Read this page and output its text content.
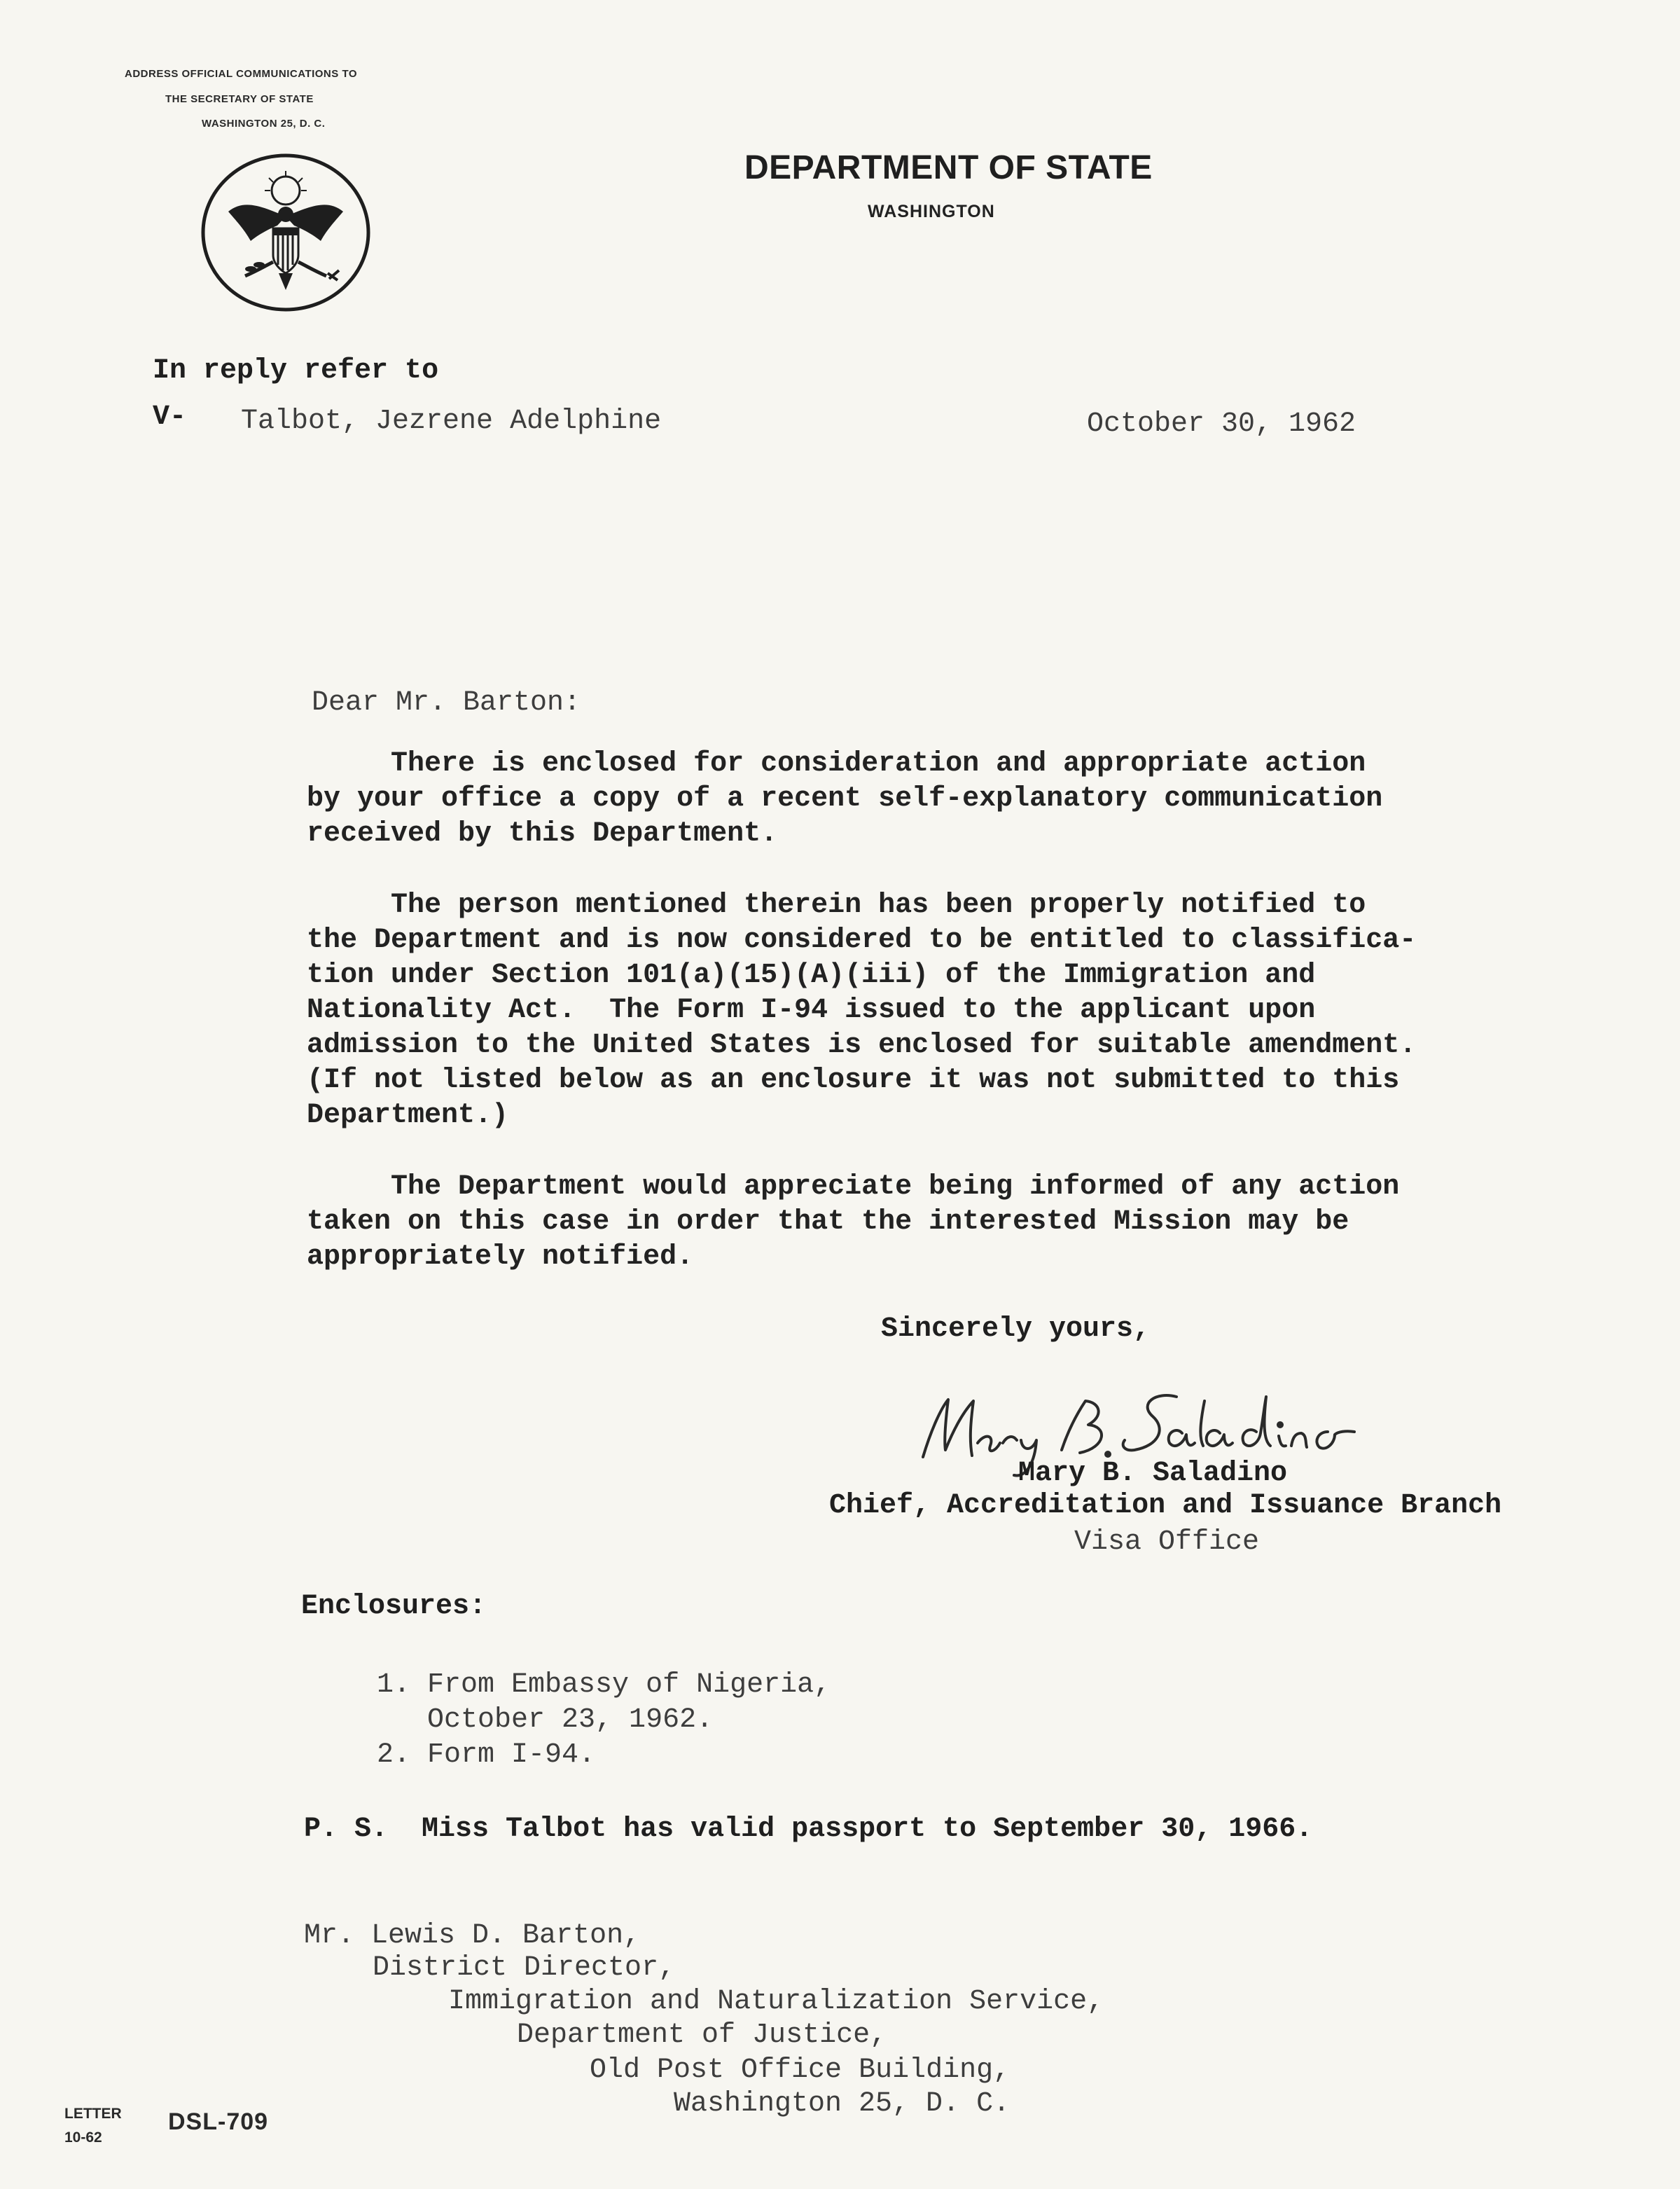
ADDRESS OFFICIAL COMMUNICATIONS TO
THE SECRETARY OF STATE
WASHINGTON 25, D. C.
DEPARTMENT OF STATE
WASHINGTON
In reply refer to
V- Talbot, Jezrene Adelphine	October 30, 1962
Dear Mr. Barton:
There is enclosed for consideration and appropriate action
by your office a copy of a recent self-explanatory communication
received by this Department.
The person mentioned therein has been properly notified to
the Department and is now considered to be entitled to classifica-
tion under Section 101(a)(15)(A)(iii) of the Immigration and
Nationality Act.  The Form I-94 issued to the applicant upon
admission to the United States is enclosed for suitable amendment.
(If not listed below as an enclosure it was not submitted to this
Department.)
The Department would appreciate being informed of any action
taken on this case in order that the interested Mission may be
appropriately notified.
Sincerely yours,
Mary B. Saladino
Chief, Accreditation and Issuance Branch
Visa Office
Enclosures:
1. From Embassy of Nigeria,
October 23, 1962.
2. Form I-94.
P. S.  Miss Talbot has valid passport to September 30, 1966.
Mr. Lewis D. Barton,
District Director,
Immigration and Naturalization Service,
Department of Justice,
Old Post Office Building,
Washington 25, D. C.
LETTER
10-62
DSL-709
